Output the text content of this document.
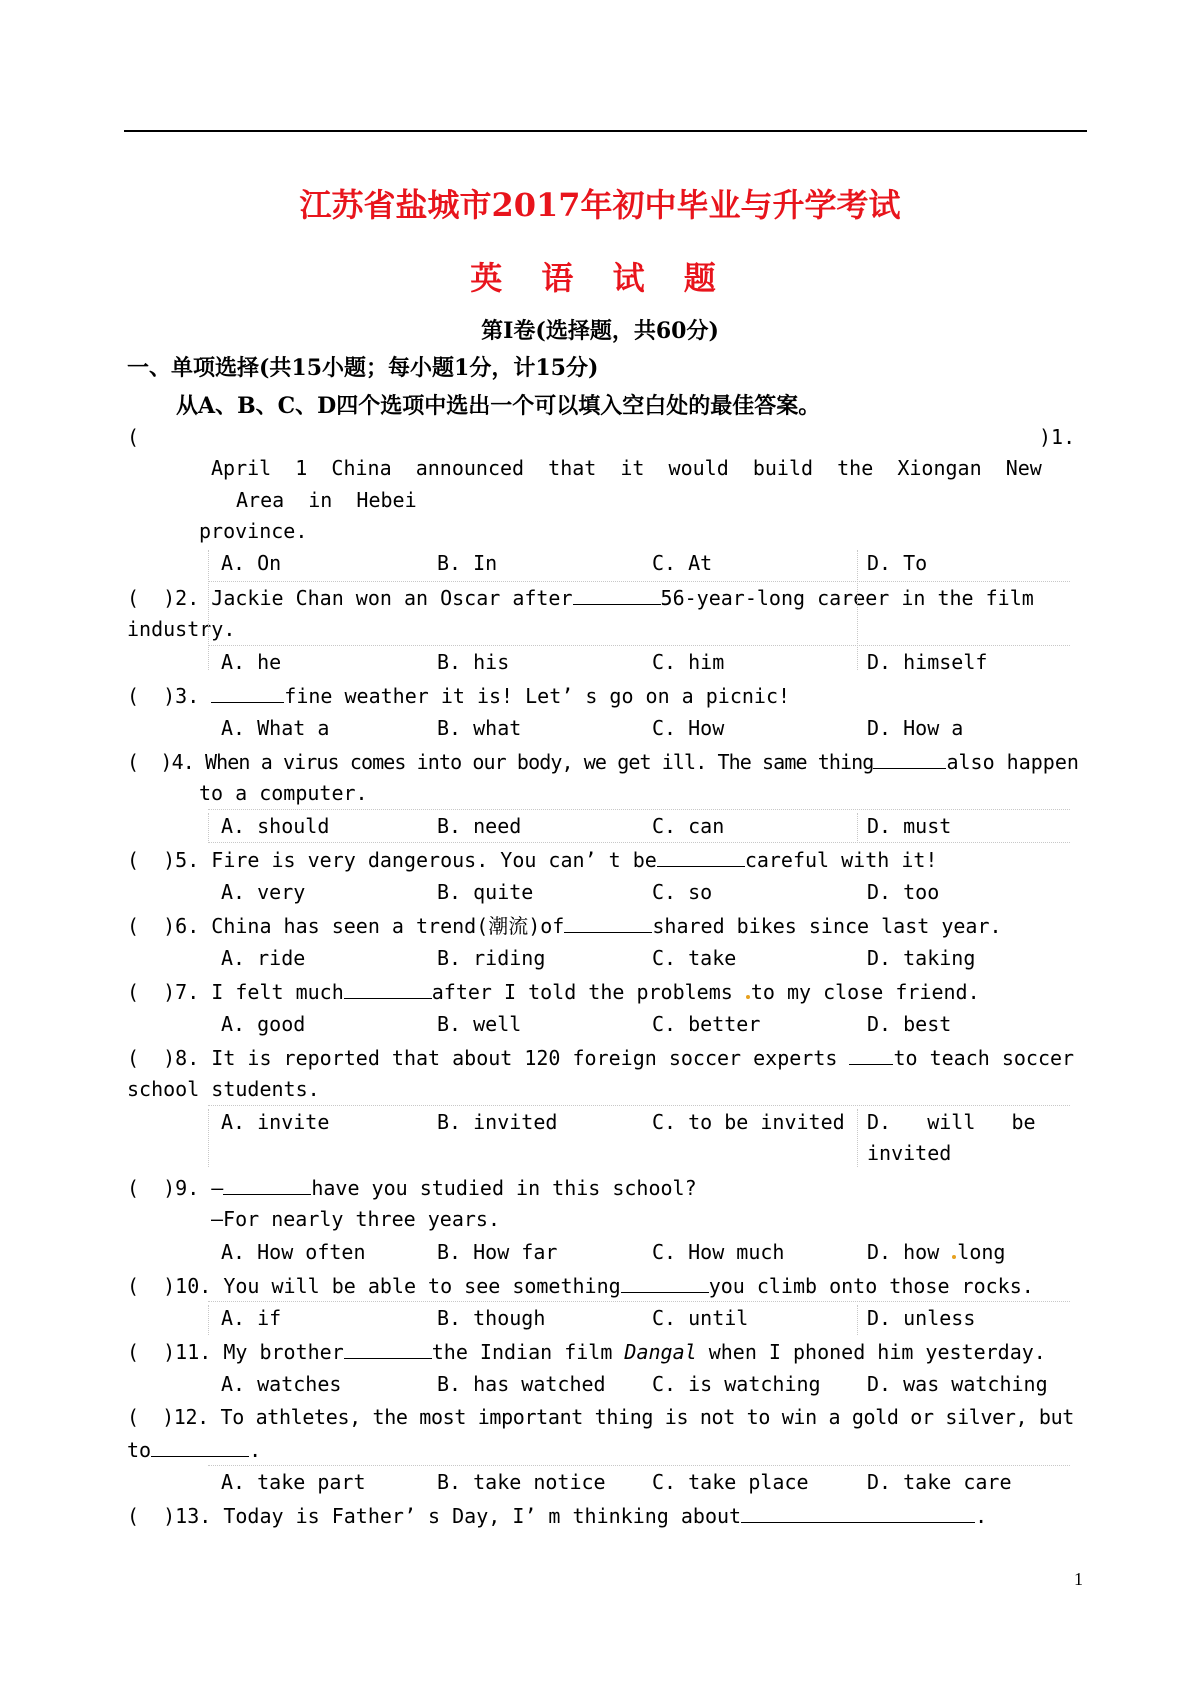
江苏省盐城市2017年初中毕业与升学考试
英 语 试 题
第Ⅰ卷(选择题，共60分)
一、单项选择(共15小题；每小题1分，计15分)
从A、B、C、D四个选项中选出一个可以填入空白处的最佳答案。
(	)1.
April  1  China  announced  that  it  would  build  the  Xiongan  New
Area  in  Hebei
province.
A. On	B. In	C. At	D. To
(  )2. Jackie Chan won an Oscar after	56-year-long career in the film
industry.
A. he	B. his	C. him	D. himself
(  )3.	fine weather it is! Let’ s go on a picnic!
A. What a	B. what	C. How	D. How a
(  )4. When a virus comes into our body, we get ill. The same thing	also happen
to a computer.
A. should	B. need	C. can	D. must
(  )5. Fire is very dangerous. You can’ t be	careful with it!
A. very	B. quite	C. so	D. too
(  )6. China has seen a trend(潮流)of	shared bikes since last year.
A. ride	B. riding	C. take	D. taking
(  )7. I felt much	after I told the problems to my close friend.
A. good	B. well	C. better	D. best
(  )8. It is reported that about 120 foreign soccer experts to teach soccer
school students.
A. invite	B. invited	C. to be invited D.   will   be
invited
(  )9. —	have you studied in this school?
—For nearly three years.
A. How often	B. How far	C. How much	D. how long
(  )10. You will be able to see something	you climb onto those rocks.
A. if	B. though	C. until	D. unless
(  )11. My brother	the Indian film Dangal when I phoned him yesterday.
A. watches	B. has watched C. is watching D. was watching
(  )12. To athletes, the most important thing is not to win a gold or silver, but
to	.
A. take part	B. take notice C. take place	D. take care
(  )13. Today is Father’ s Day, I’ m thinking about	.
1
